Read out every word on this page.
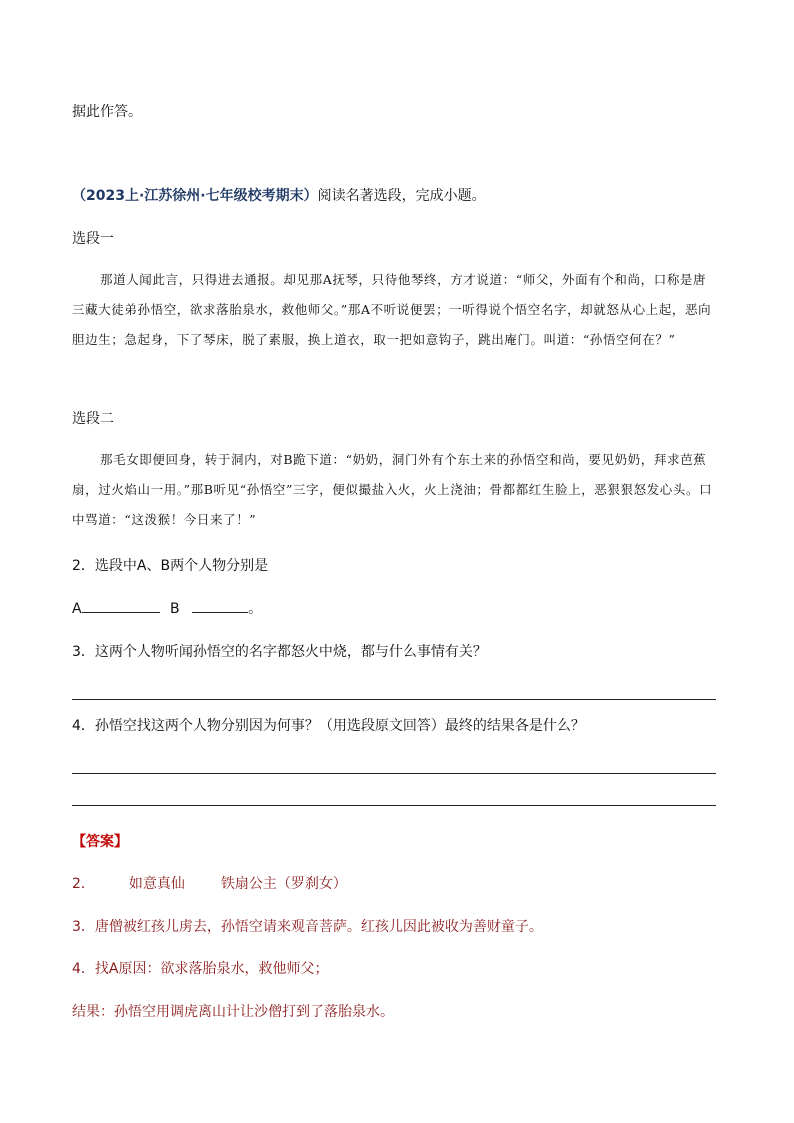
据此作答。
（2023上·江苏徐州·七年级校考期末）阅读名著选段，完成小题。
选段一
那道人闻此言，只得进去通报。却见那A抚琴，只待他琴终，方才说道：“师父，外面有个和尚，口称是唐三藏大徒弟孙悟空，欲求落胎泉水，救他师父。”那A不听说便罢；一听得说个悟空名字，却就怒从心上起，恶向胆边生；急起身，下了琴床，脱了素服，换上道衣，取一把如意钩子，跳出庵门。叫道：“孙悟空何在？”
选段二
那毛女即便回身，转于洞内，对B跪下道：“奶奶，洞门外有个东土来的孙悟空和尚，要见奶奶，拜求芭蕉扇，过火焰山一用。”那B听见“孙悟空”三字，便似撮盐入火，火上浇油；骨都都红生脸上，恶狠狠怒发心头。口中骂道：“这泼猴！今日来了！”
2．选段中A、B两个人物分别是
A	B	。
3．这两个人物听闻孙悟空的名字都怒火中烧，都与什么事情有关？
4．孙悟空找这两个人物分别因为何事？（用选段原文回答）最终的结果各是什么？
【答案】
2． 如意真仙	铁扇公主（罗刹女）
3．唐僧被红孩儿虏去，孙悟空请来观音菩萨。红孩儿因此被收为善财童子。
4．找A原因：欲求落胎泉水，救他师父；
结果：孙悟空用调虎离山计让沙僧打到了落胎泉水。
